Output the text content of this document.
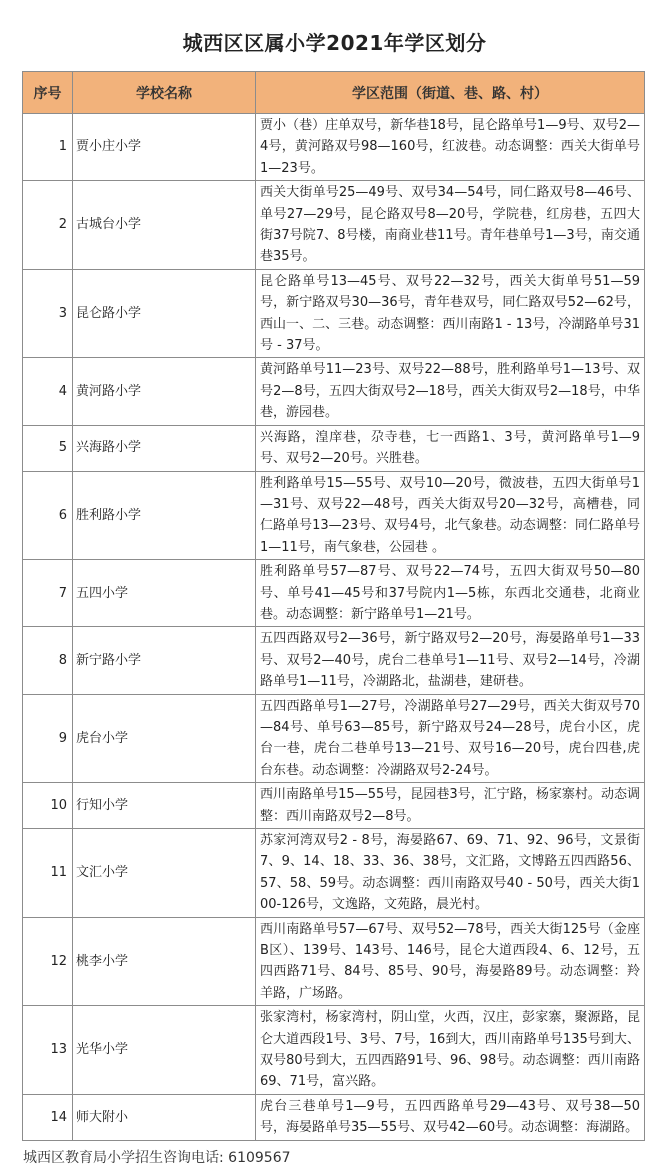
城西区区属小学2021年学区划分
序号	学校名称	学区范围（街道、巷、路、村）
1	贾小庄小学	贾小（巷）庄单双号，新华巷18号，昆仑路单号1—9号、双号2—4号，黄河路双号98—160号，红波巷。动态调整：西关大街单号1—23号。
2	古城台小学	西关大街单号25—49号、双号34—54号，同仁路双号8—46号、单号27—29号，昆仑路双号8—20号，学院巷，红房巷，五四大街37号院7、8号楼，南商业巷11号。青年巷单号1—3号，南交通巷35号。
3	昆仑路小学	昆仑路单号13—45号、双号22—32号，西关大街单号51—59号，新宁路双号30—36号，青年巷双号，同仁路双号52—62号，西山一、二、三巷。动态调整：西川南路1 - 13号，冷湖路单号31号 - 37号。
4	黄河路小学	黄河路单号11—23号、双号22—88号，胜利路单号1—13号、双号2—8号，五四大街双号2—18号，西关大街双号2—18号，中华巷，游园巷。
5	兴海路小学	兴海路，湟庠巷，尕寺巷，七一西路1、3号，黄河路单号1—9号、双号2—20号。兴胜巷。
6	胜利路小学	胜利路单号15—55号、双号10—20号，微波巷，五四大街单号1—31号、双号22—48号，西关大街双号20—32号，高槽巷，同仁路单号13—23号、双号4号，北气象巷。动态调整：同仁路单号1—11号，南气象巷，公园巷 。
7	五四小学	胜利路单号57—87号、双号22—74号，五四大街双号50—80号、单号41—45号和37号院内1—5栋，东西北交通巷，北商业巷。动态调整：新宁路单号1—21号。
8	新宁路小学	五四西路双号2—36号，新宁路双号2—20号，海晏路单号1—33号、双号2—40号，虎台二巷单号1—11号、双号2—14号，冷湖路单号1—11号，冷湖路北，盐湖巷，建研巷。
9	虎台小学	五四西路单号1—27号，冷湖路单号27—29号，西关大街双号70—84号、单号63—85号，新宁路双号24—28号，虎台小区，虎台一巷，虎台二巷单号13—21号、双号16—20号，虎台四巷,虎台东巷。动态调整：冷湖路双号2-24号。
10	行知小学	西川南路单号15—55号，昆园巷3号，汇宁路，杨家寨村。动态调整：西川南路双号2—8号。
11	文汇小学	苏家河湾双号2 - 8号，海晏路67、69、71、92、96号，文景街7、9、14、18、33、36、38号，文汇路，文博路五四西路56、57、58、59号。动态调整：西川南路双号40 - 50号，西关大街100-126号，文逸路，文苑路，晨光村。
12	桃李小学	西川南路单号57—67号、双号52—78号，西关大街125号（金座B区）、139号、143号、146号，昆仑大道西段4、6、12号，五四西路71号、84号、85号、90号，海晏路89号。动态调整：羚羊路，广场路。
13	光华小学	张家湾村，杨家湾村，阴山堂，火西，汉庄，彭家寨，聚源路，昆仑大道西段1号、3号、7号，16到大，西川南路单号135号到大、双号80号到大，五四西路91号、96、98号。动态调整：西川南路69、71号，富兴路。
14	师大附小	虎台三巷单号1—9号，五四西路单号29—43号、双号38—50号，海晏路单号35—55号、双号42—60号。动态调整：海湖路。
城西区教育局小学招生咨询电话: 6109567
